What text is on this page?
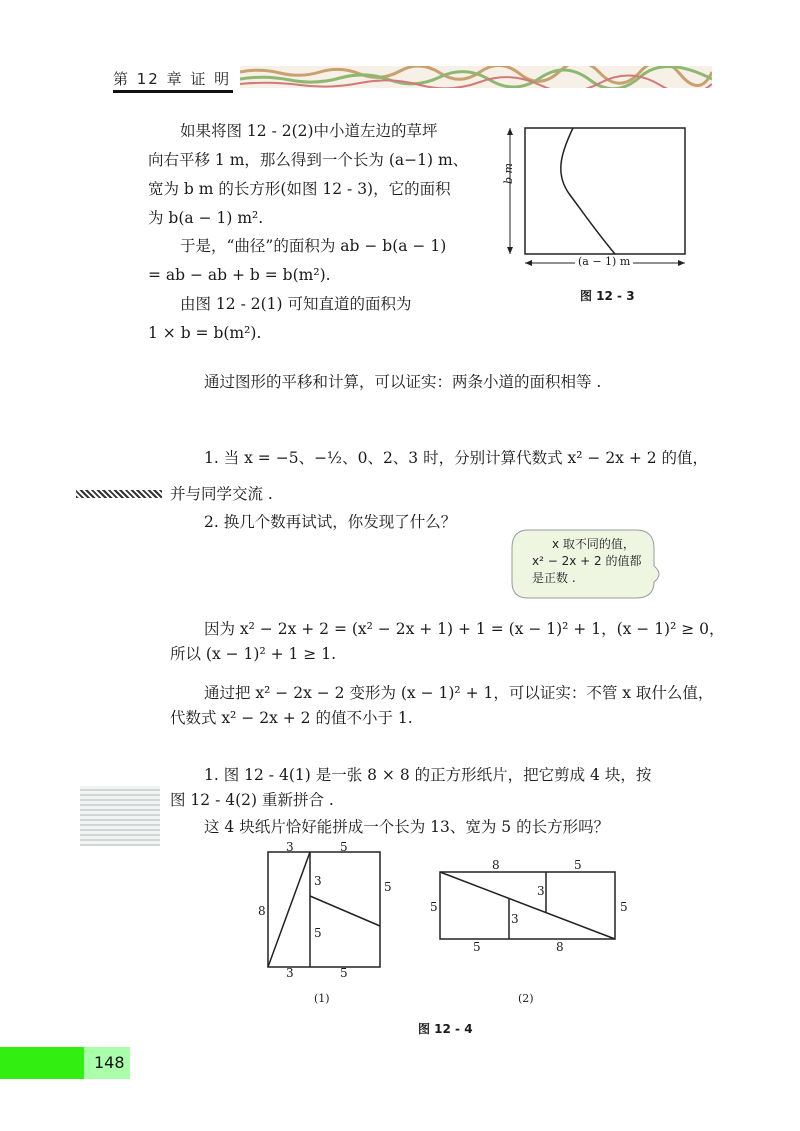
第 12 章 证 明
如果将图 12 - 2(2)中小道左边的草坪
向右平移 1 m，那么得到一个长为 (a−1) m、
宽为 b m 的长方形(如图 12 - 3)，它的面积
为 b(a − 1) m².
于是，“曲径”的面积为 ab − b(a − 1)
= ab − ab + b = b(m²).
由图 12 - 2(1) 可知直道的面积为
1 × b = b(m²).
b m
(a − 1) m
图 12 - 3
通过图形的平移和计算，可以证实：两条小道的面积相等 .
1. 当 x = −5、−½、0、2、3 时，分别计算代数式 x² − 2x + 2 的值，
并与同学交流 .
2. 换几个数再试试，你发现了什么？
x 取不同的值，
x² − 2x + 2 的值都
是正数 .
因为 x² − 2x + 2 = (x² − 2x + 1) + 1 = (x − 1)² + 1，(x − 1)² ≥ 0，
所以 (x − 1)² + 1 ≥ 1.
通过把 x² − 2x − 2 变形为 (x − 1)² + 1，可以证实：不管 x 取什么值，
代数式 x² − 2x + 2 的值不小于 1.
1. 图 12 - 4(1) 是一张 8 × 8 的正方形纸片，把它剪成 4 块，按
图 12 - 4(2) 重新拼合 .
这 4 块纸片恰好能拼成一个长为 13、宽为 5 的长方形吗？
3	5
8
5
3
5
3	5
(1)
8	5
5	5
3
3
5	8
(2)
图 12 - 4
148
